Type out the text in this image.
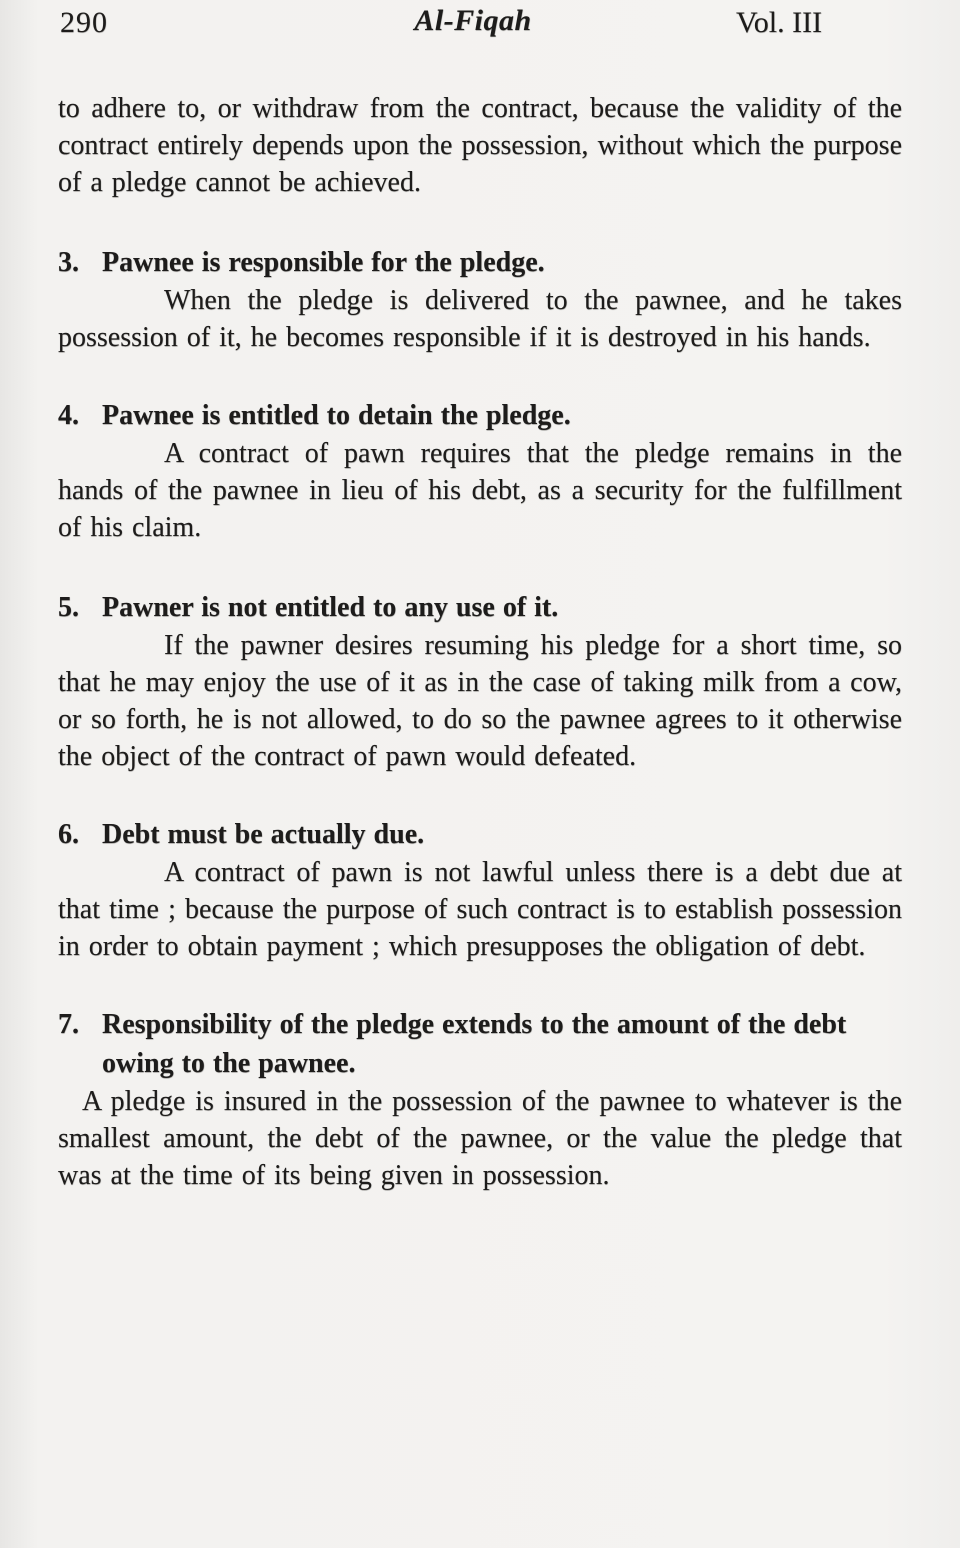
290	Al-Fiqah	Vol. III

to adhere to, or withdraw from the contract, because the validity of the contract entirely depends upon the possession, without which the purpose of a pledge cannot be achieved.

3. Pawnee is responsible for the pledge.

When the pledge is delivered to the pawnee, and he takes possession of it, he becomes responsible if it is destroyed in his hands.

4. Pawnee is entitled to detain the pledge.

A contract of pawn requires that the pledge remains in the hands of the pawnee in lieu of his debt, as a security for the fulfillment of his claim.

5. Pawner is not entitled to any use of it.

If the pawner desires resuming his pledge for a short time, so that he may enjoy the use of it as in the case of taking milk from a cow, or so forth, he is not allowed, to do so the pawnee agrees to it otherwise the object of the contract of pawn would defeated.

6. Debt must be actually due.

A contract of pawn is not lawful unless there is a debt due at that time ; because the purpose of such contract is to establish possession in order to obtain payment ; which presupposes the obligation of debt.

7. Responsibility of the pledge extends to the amount of the debt owing to the pawnee.

A pledge is insured in the possession of the pawnee to whatever is the smallest amount, the debt of the pawnee, or the value the pledge that was at the time of its being given in possession.
